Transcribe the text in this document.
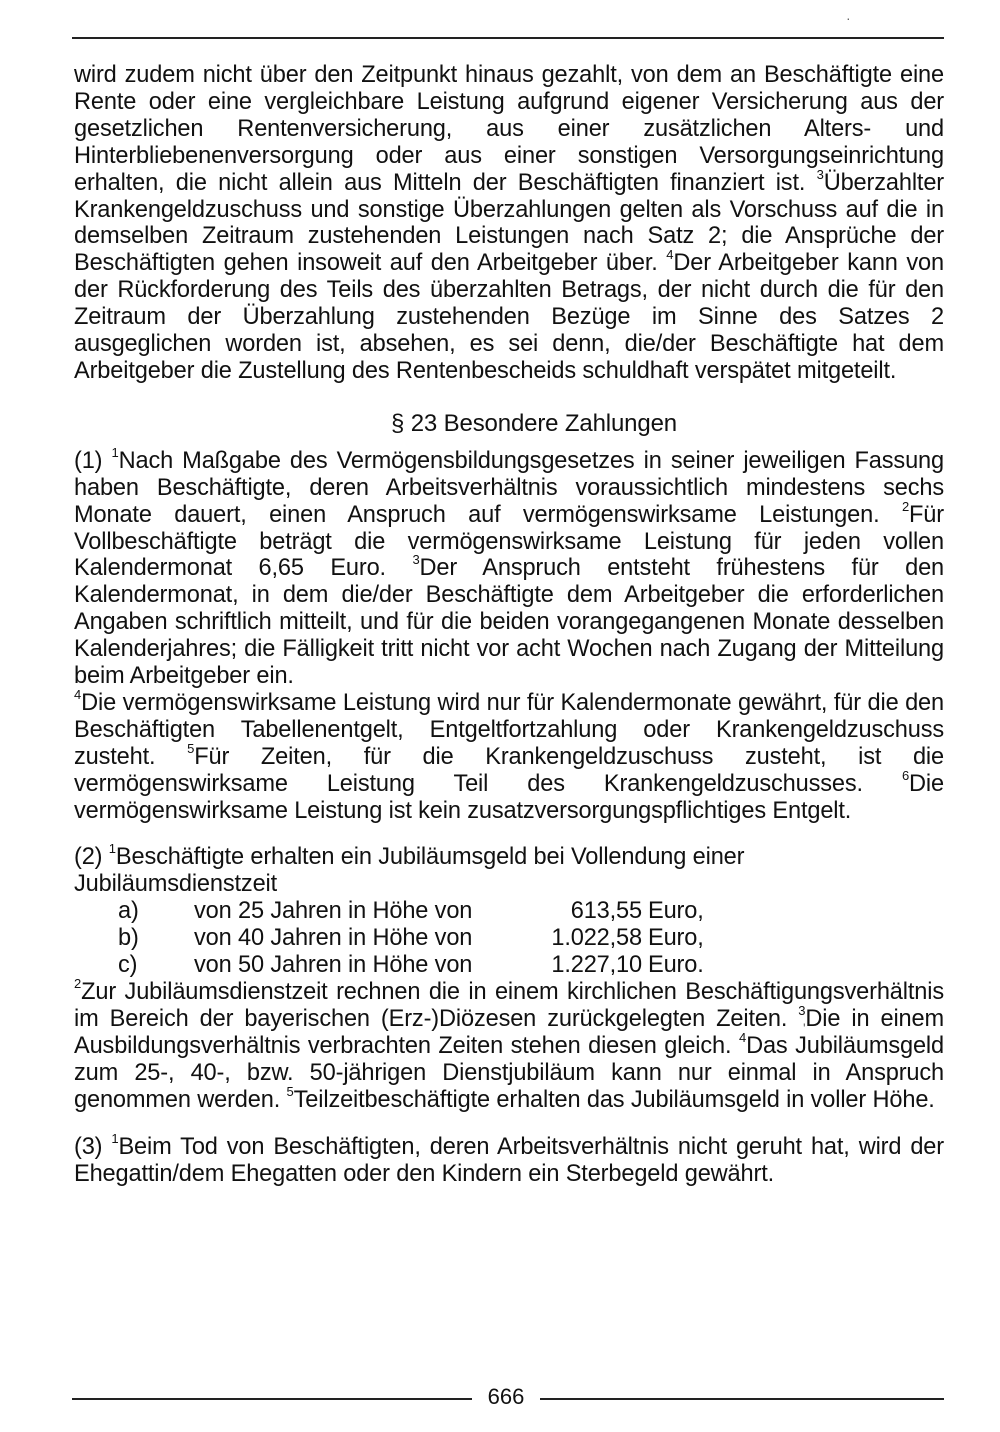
·

wird zudem nicht über den Zeitpunkt hinaus gezahlt, von dem an Beschäftigte eine Rente oder eine vergleichbare Leistung aufgrund eigener Versicherung aus der gesetzlichen Rentenversicherung, aus einer zusätzlichen Alters- und Hinterbliebenenversorgung oder aus einer sonstigen Versorgungseinrichtung erhalten, die nicht allein aus Mitteln der Beschäftigten finanziert ist. $^3$Überzahlter Krankengeldzuschuss und sonstige Überzahlungen gelten als Vorschuss auf die in demselben Zeitraum zustehenden Leistungen nach Satz 2; die Ansprüche der Beschäftigten gehen insoweit auf den Arbeitgeber über. $^4$Der Arbeitgeber kann von der Rückforderung des Teils des überzahlten Betrags, der nicht durch die für den Zeitraum der Überzahlung zustehenden Bezüge im Sinne des Satzes 2 ausgeglichen worden ist, absehen, es sei denn, die/der Beschäftigte hat dem Arbeitgeber die Zustellung des Rentenbescheids schuldhaft verspätet mitgeteilt.

§ 23 Besondere Zahlungen

(1) $^1$Nach Maßgabe des Vermögensbildungsgesetzes in seiner jeweiligen Fassung haben Beschäftigte, deren Arbeitsverhältnis voraussichtlich mindestens sechs Monate dauert, einen Anspruch auf vermögenswirksame Leistungen. $^2$Für Vollbeschäftigte beträgt die vermögenswirksame Leistung für jeden vollen Kalendermonat 6,65 Euro. $^3$Der Anspruch entsteht frühestens für den Kalendermonat, in dem die/der Beschäftigte dem Arbeitgeber die erforderlichen Angaben schriftlich mitteilt, und für die beiden vorangegangenen Monate desselben Kalenderjahres; die Fälligkeit tritt nicht vor acht Wochen nach Zugang der Mitteilung beim Arbeitgeber ein.

$^4$Die vermögenswirksame Leistung wird nur für Kalendermonate gewährt, für die den Beschäftigten Tabellenentgelt, Entgeltfortzahlung oder Krankengeldzuschuss zusteht. $^5$Für Zeiten, für die Krankengeldzuschuss zusteht, ist die vermögenswirksame Leistung Teil des Krankengeldzuschusses. $^6$Die vermögenswirksame Leistung ist kein zusatzversorgungspflichtiges Entgelt.

(2) $^1$Beschäftigte erhalten ein Jubiläumsgeld bei Vollendung einer Jubiläumsdienstzeit

a)	von 25 Jahren in Höhe von	613,55 Euro,
b)	von 40 Jahren in Höhe von	1.022,58 Euro,
c)	von 50 Jahren in Höhe von	1.227,10 Euro.

$^2$Zur Jubiläumsdienstzeit rechnen die in einem kirchlichen Beschäftigungsverhältnis im Bereich der bayerischen (Erz-)Diözesen zurückgelegten Zeiten. $^3$Die in einem Ausbildungsverhältnis verbrachten Zeiten stehen diesen gleich. $^4$Das Jubiläumsgeld zum 25-, 40-, bzw. 50-jährigen Dienstjubiläum kann nur einmal in Anspruch genommen werden. $^5$Teilzeitbeschäftigte erhalten das Jubiläumsgeld in voller Höhe.

(3) $^1$Beim Tod von Beschäftigten, deren Arbeitsverhältnis nicht geruht hat, wird der Ehegattin/dem Ehegatten oder den Kindern ein Sterbegeld gewährt.

'
666
